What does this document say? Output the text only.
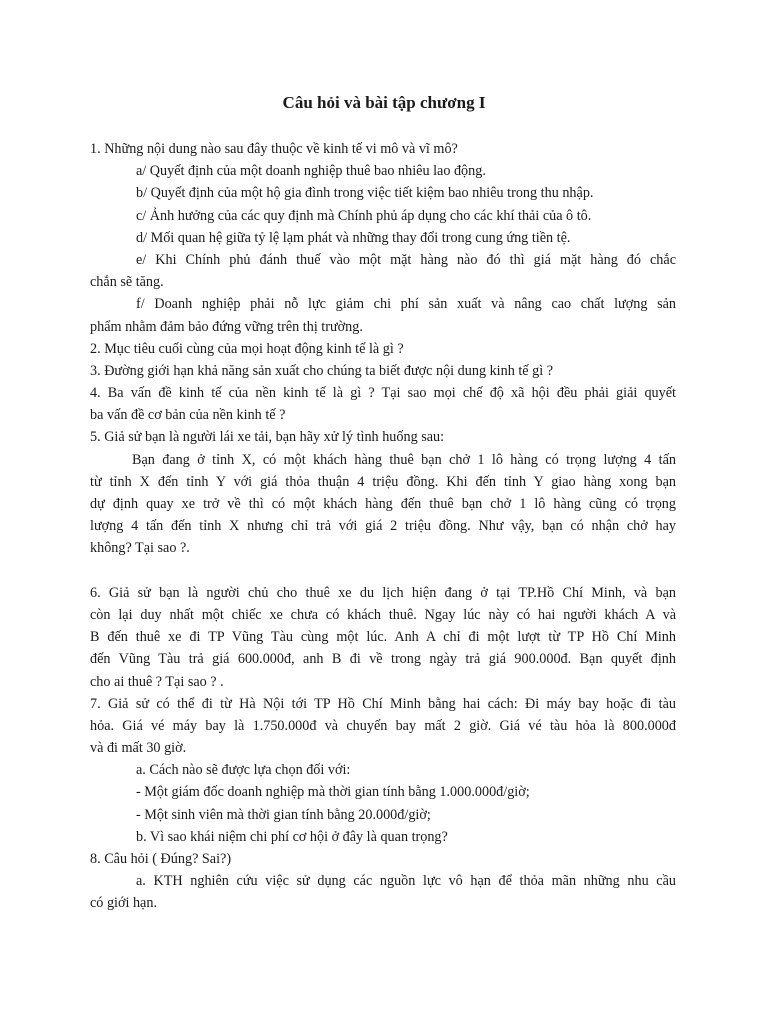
Câu hỏi và bài tập chương I
1. Những nội dung nào sau đây thuộc về kinh tế vi mô và vĩ mô?
a/ Quyết định của một doanh nghiệp thuê bao nhiêu lao động.
b/ Quyết định của một hộ gia đình trong việc tiết kiệm bao nhiêu trong thu nhập.
c/ Ảnh hưởng của các quy định mà Chính phủ áp dụng cho các khí thải của ô tô.
d/ Mối quan hệ giữa tỷ lệ lạm phát và những thay đổi trong cung ứng tiền tệ.
e/ Khi Chính phủ đánh thuế vào một mặt hàng nào đó thì giá mặt hàng đó chắc
chắn sẽ tăng.
f/ Doanh nghiệp phải nỗ lực giảm chi phí sản xuất và nâng cao chất lượng sản
phẩm nhằm đảm bảo đứng vững trên thị trường.
2. Mục tiêu cuối cùng của mọi hoạt động kinh tế là gì ?
3. Đường giới hạn khả năng sản xuất cho chúng ta biết được nội dung kinh tế gì ?
4. Ba vấn đề kinh tế của nền kinh tế là gì ? Tại sao mọi chế độ xã hội đều phải giải quyết
ba vấn đề cơ bản của nền kinh tế ?
5. Giả sử bạn là người lái xe tải, bạn hãy xử lý tình huống sau:
Bạn đang ở tỉnh X, có một khách hàng thuê bạn chở 1 lô hàng có trọng lượng 4 tấn
từ tỉnh X đến tỉnh Y với giá thỏa thuận 4 triệu đồng. Khi đến tỉnh Y giao hàng xong bạn
dự định quay xe trở về thì có một khách hàng đến thuê bạn chở 1 lô hàng cũng có trọng
lượng 4 tấn đến tỉnh X nhưng chỉ trả với giá 2 triệu đồng. Như vậy, bạn có nhận chở hay
không? Tại sao ?.
6. Giả sử bạn là người chủ cho thuê xe du lịch hiện đang ở tại TP.Hồ Chí Minh, và bạn
còn lại duy nhất một chiếc xe chưa có khách thuê. Ngay lúc này có hai người khách A và
B đến thuê xe đi TP Vũng Tàu cùng một lúc. Anh A chỉ đi một lượt từ TP Hồ Chí Minh
đến Vũng Tàu trả giá 600.000đ, anh B đi về trong ngày trả giá 900.000đ. Bạn quyết định
cho ai thuê ? Tại sao ? .
7. Giả sử có thể đi từ Hà Nội tới TP Hồ Chí Minh bằng hai cách: Đi máy bay hoặc đi tàu
hỏa. Giá vé máy bay là 1.750.000đ và chuyến bay mất 2 giờ. Giá vé tàu hỏa là 800.000đ
và đi mất 30 giờ.
a. Cách nào sẽ được lựa chọn đối với:
- Một giám đốc doanh nghiệp mà thời gian tính bằng 1.000.000đ/giờ;
- Một sinh viên mà thời gian tính bằng 20.000đ/giờ;
b. Vì sao khái niệm chi phí cơ hội ở đây là quan trọng?
8. Câu hỏi ( Đúng? Sai?)
a. KTH nghiên cứu việc sử dụng các nguồn lực vô hạn để thỏa mãn những nhu cầu
có giới hạn.
